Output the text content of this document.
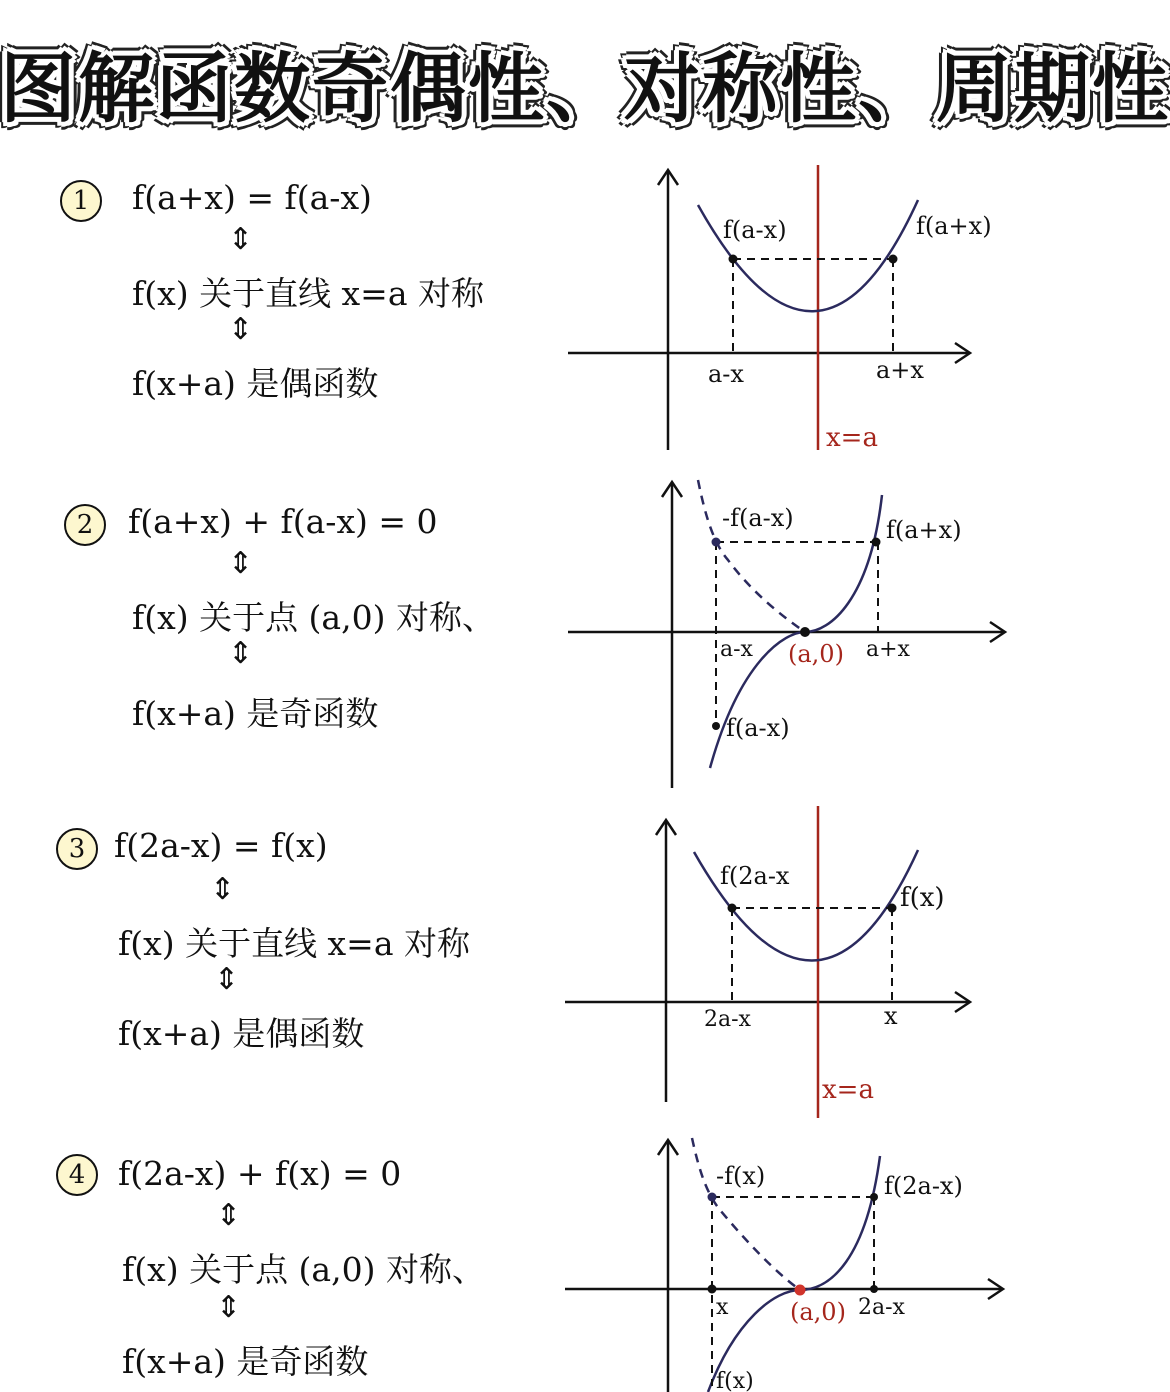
图解函数奇偶性、对称性、周期性
1	f(a+x) = f(a-x)
⇕
f(x) 关于直线 x=a 对称
⇕
f(x+a) 是偶函数
f(a-x)	f(a+x)
a-x	a+x
x=a
2	f(a+x) + f(a-x) = 0
⇕
f(x) 关于点 (a,0) 对称、
⇕
f(x+a) 是奇函数
-f(a-x)	f(a+x)
a-x (a,0) a+x
f(a-x)
3 f(2a-x) = f(x)
⇕
f(x) 关于直线 x=a 对称
⇕
f(x+a) 是偶函数
f(2a-x
f(x)
2a-x	x
x=a
4 f(2a-x) + f(x) = 0
⇕
f(x) 关于点 (a,0) 对称、
⇕
f(x+a) 是奇函数
-f(x)	f(2a-x)
x	(a,0) 2a-x
f(x)
